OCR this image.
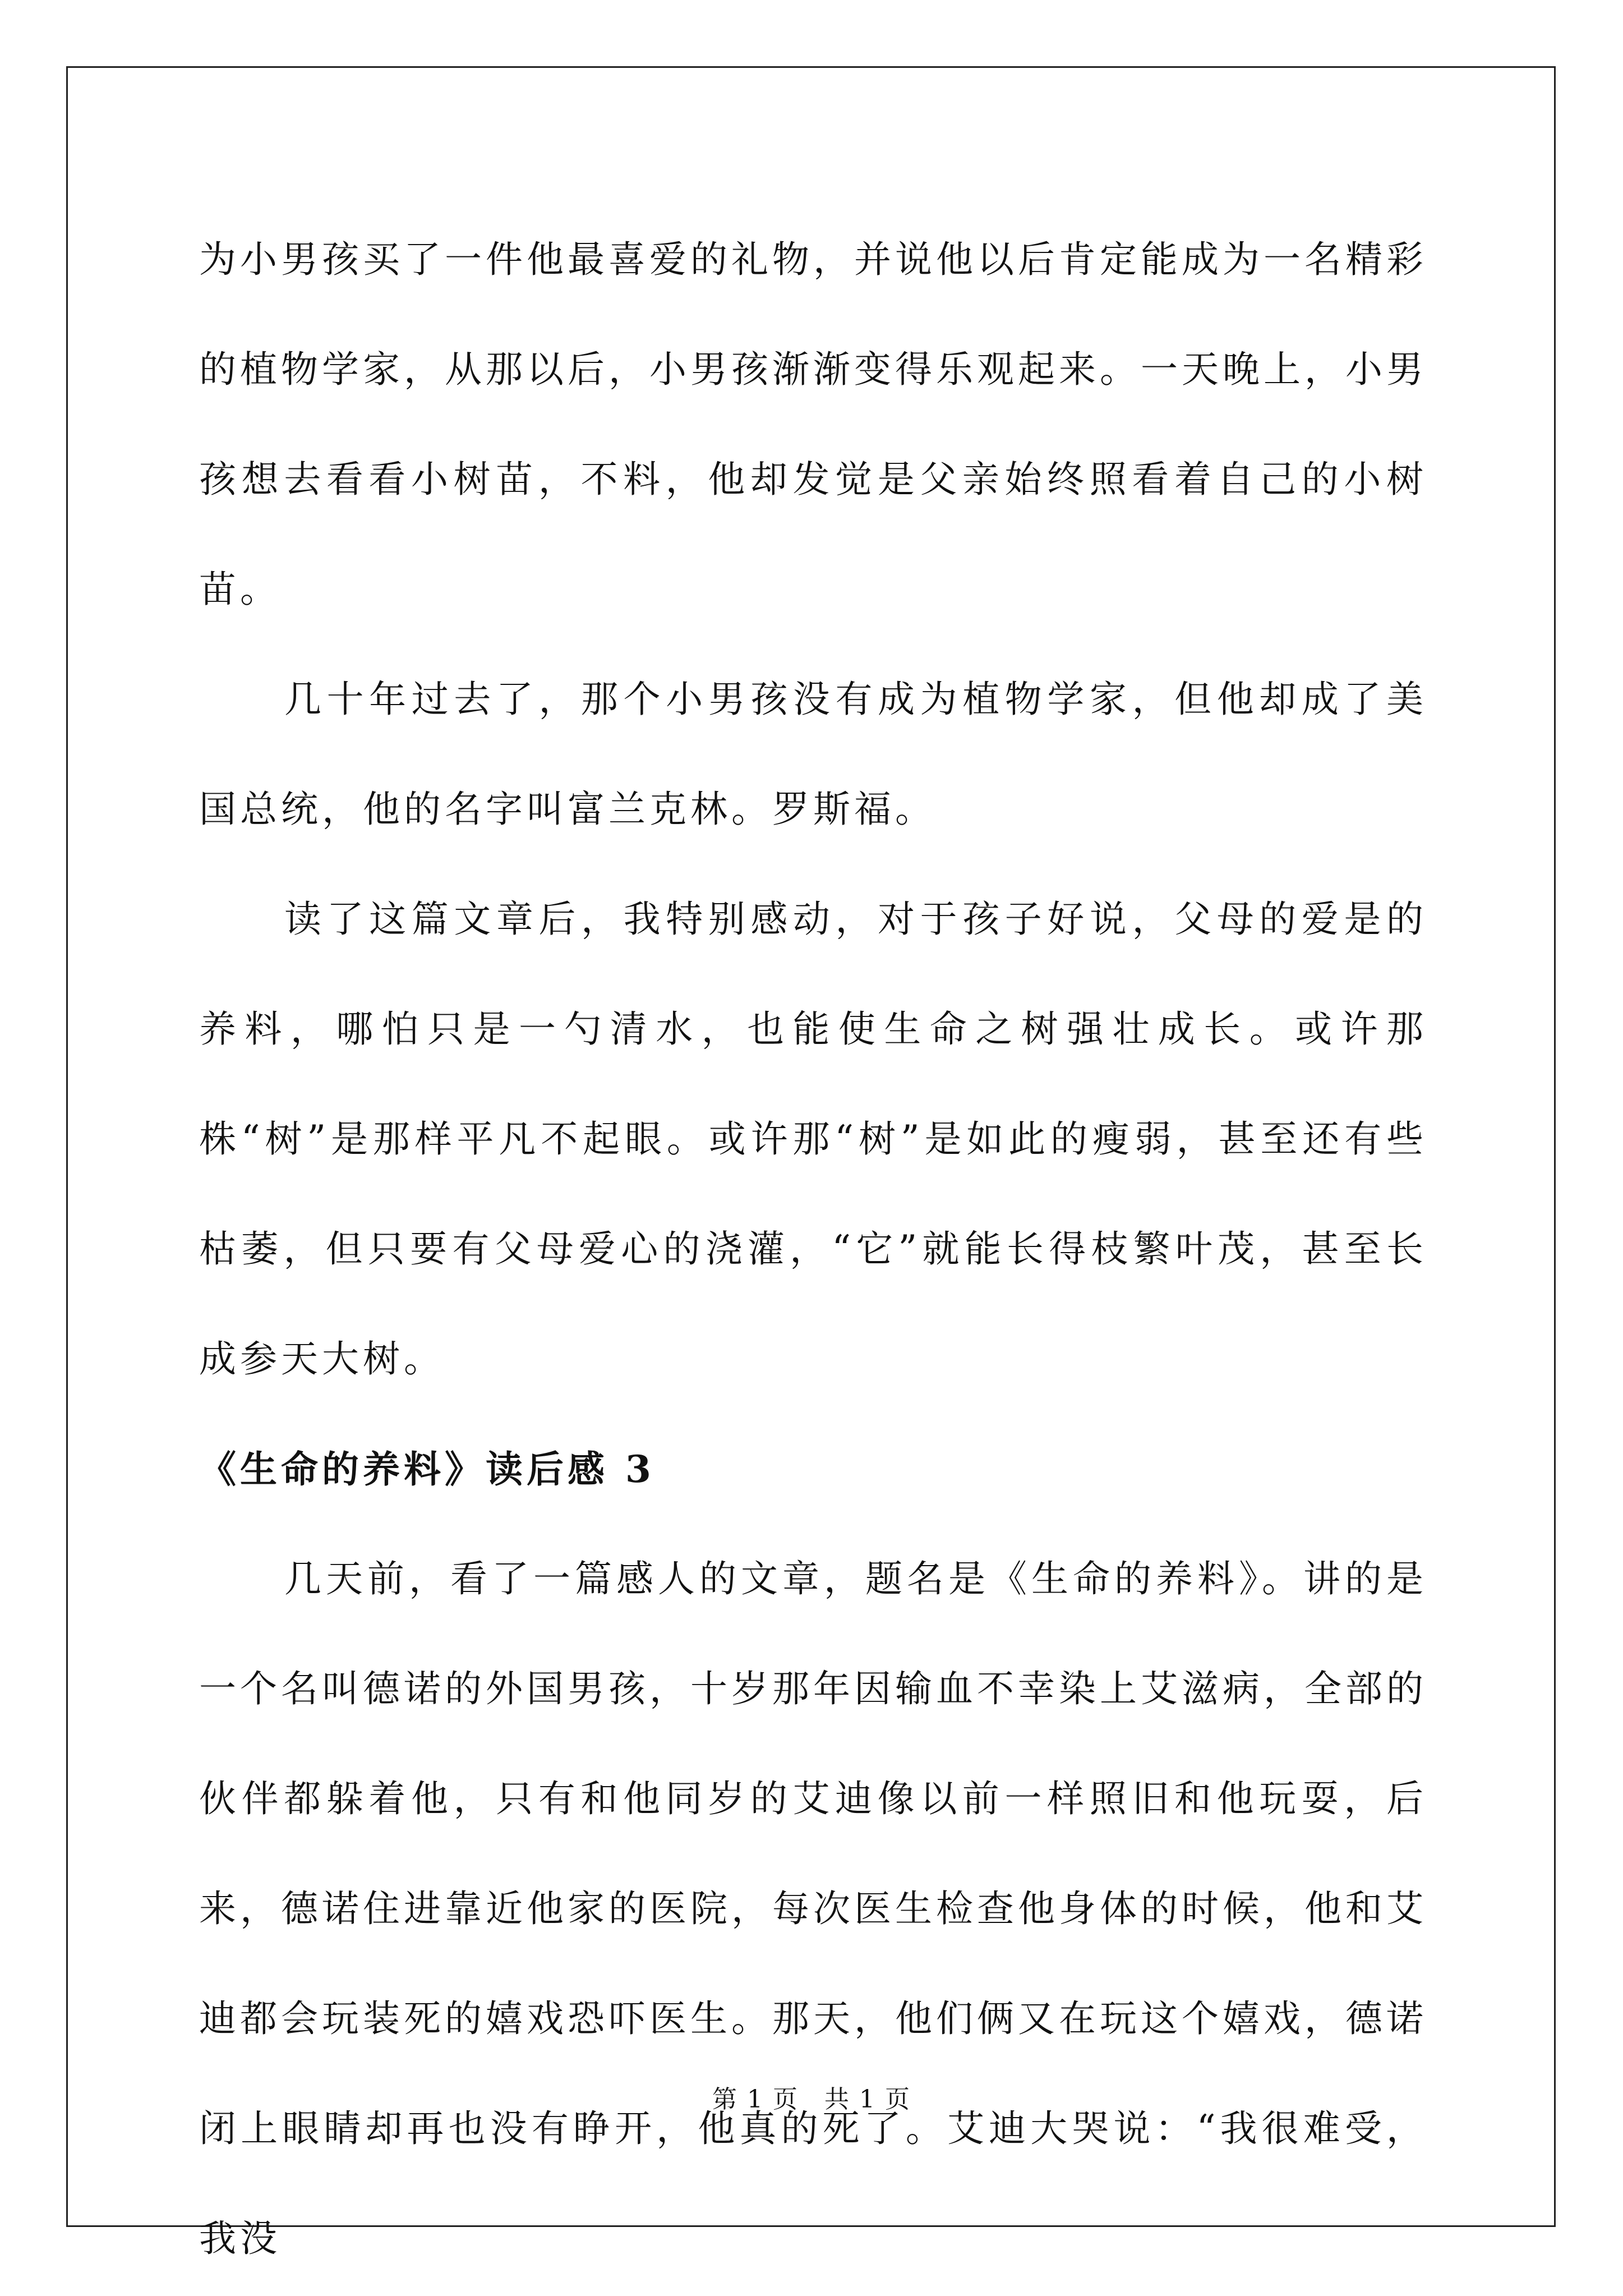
为小男孩买了一件他最喜爱的礼物，并说他以后肯定能成为一名精彩的植物学家，从那以后，小男孩渐渐变得乐观起来。一天晚上，小男孩想去看看小树苗，不料，他却发觉是父亲始终照看着自己的小树苗。

几十年过去了，那个小男孩没有成为植物学家，但他却成了美国总统，他的名字叫富兰克林。罗斯福。

读了这篇文章后，我特别感动，对于孩子好说，父母的爱是的养料，哪怕只是一勺清水，也能使生命之树强壮成长。或许那株“树”是那样平凡不起眼。或许那“树”是如此的瘦弱，甚至还有些枯萎，但只要有父母爱心的浇灌，“它”就能长得枝繁叶茂，甚至长成参天大树。

《生命的养料》读后感 3

几天前，看了一篇感人的文章，题名是《生命的养料》。讲的是一个名叫德诺的外国男孩，十岁那年因输血不幸染上艾滋病，全部的伙伴都躲着他，只有和他同岁的艾迪像以前一样照旧和他玩耍，后来，德诺住进靠近他家的医院，每次医生检查他身体的时候，他和艾迪都会玩装死的嬉戏恐吓医生。那天，他们俩又在玩这个嬉戏，德诺闭上眼睛却再也没有睁开，他真的死了。艾迪大哭说：“我很难受，我没

第 1 页　共 1 页
